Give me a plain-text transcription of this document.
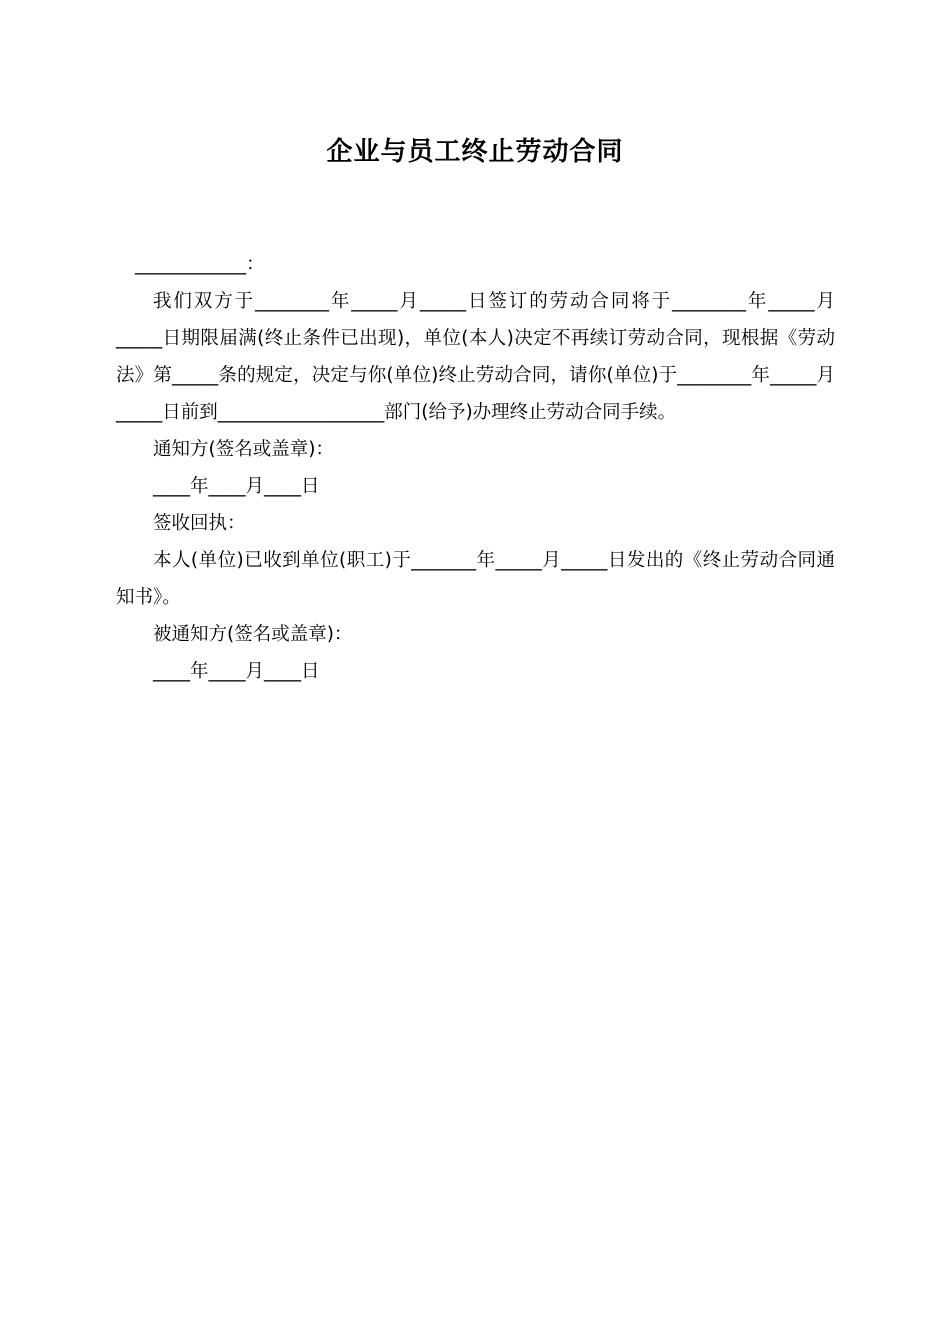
企业与员工终止劳动合同

____________：

我们双方于________年_____月_____日签订的劳动合同将于________年_____月_____日期限届满(终止条件已出现)，单位(本人)决定不再续订劳动合同，现根据《劳动法》第_____条的规定，决定与你(单位)终止劳动合同，请你(单位)于________年_____月_____日前到__________________部门(给予)办理终止劳动合同手续。

通知方(签名或盖章)：

____年____月____日

签收回执：

本人(单位)已收到单位(职工)于_______年_____月_____日发出的《终止劳动合同通知书》。

被通知方(签名或盖章)：

____年____月____日
